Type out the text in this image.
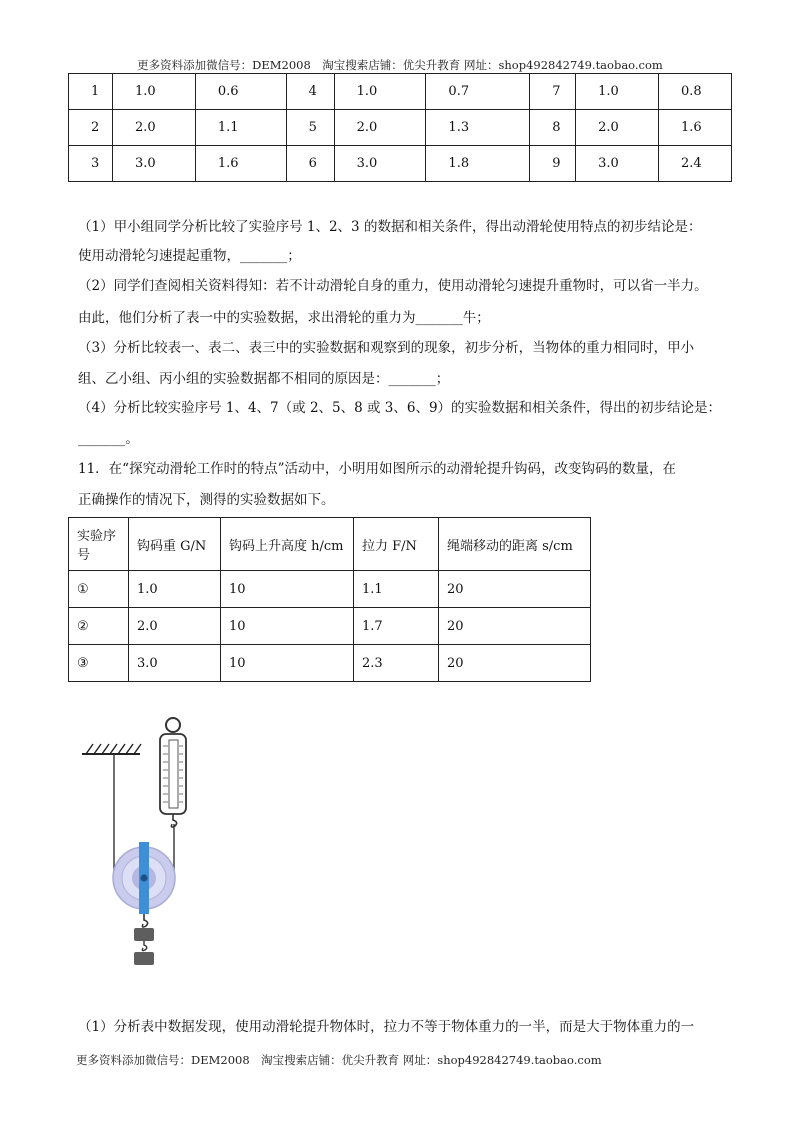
更多资料添加微信号：DEM2008　淘宝搜索店铺：优尖升教育 网址：shop492842749.taobao.com
1	1.0	0.6	4	1.0	0.7	7	1.0	0.8
2	2.0	1.1	5	2.0	1.3	8	2.0	1.6
3	3.0	1.6	6	3.0	1.8	9	3.0	2.4
（1）甲小组同学分析比较了实验序号 1、2、3 的数据和相关条件，得出动滑轮使用特点的初步结论是：
使用动滑轮匀速提起重物，_______；
（2）同学们查阅相关资料得知：若不计动滑轮自身的重力，使用动滑轮匀速提升重物时，可以省一半力。
由此，他们分析了表一中的实验数据，求出滑轮的重力为_______牛；
（3）分析比较表一、表二、表三中的实验数据和观察到的现象，初步分析，当物体的重力相同时，甲小
组、乙小组、丙小组的实验数据都不相同的原因是：_______；
（4）分析比较实验序号 1、4、7（或 2、5、8 或 3、6、9）的实验数据和相关条件，得出的初步结论是：
_______。
11．在“探究动滑轮工作时的特点”活动中，小明用如图所示的动滑轮提升钩码，改变钩码的数量，在
正确操作的情况下，测得的实验数据如下。
实验序号	钩码重 G/N	钩码上升高度 h/cm	拉力 F/N	绳端移动的距离 s/cm
①	1.0	10	1.1	20
②	2.0	10	1.7	20
③	3.0	10	2.3	20
（1）分析表中数据发现，使用动滑轮提升物体时，拉力不等于物体重力的一半，而是大于物体重力的一
更多资料添加微信号：DEM2008　淘宝搜索店铺：优尖升教育 网址：shop492842749.taobao.com
